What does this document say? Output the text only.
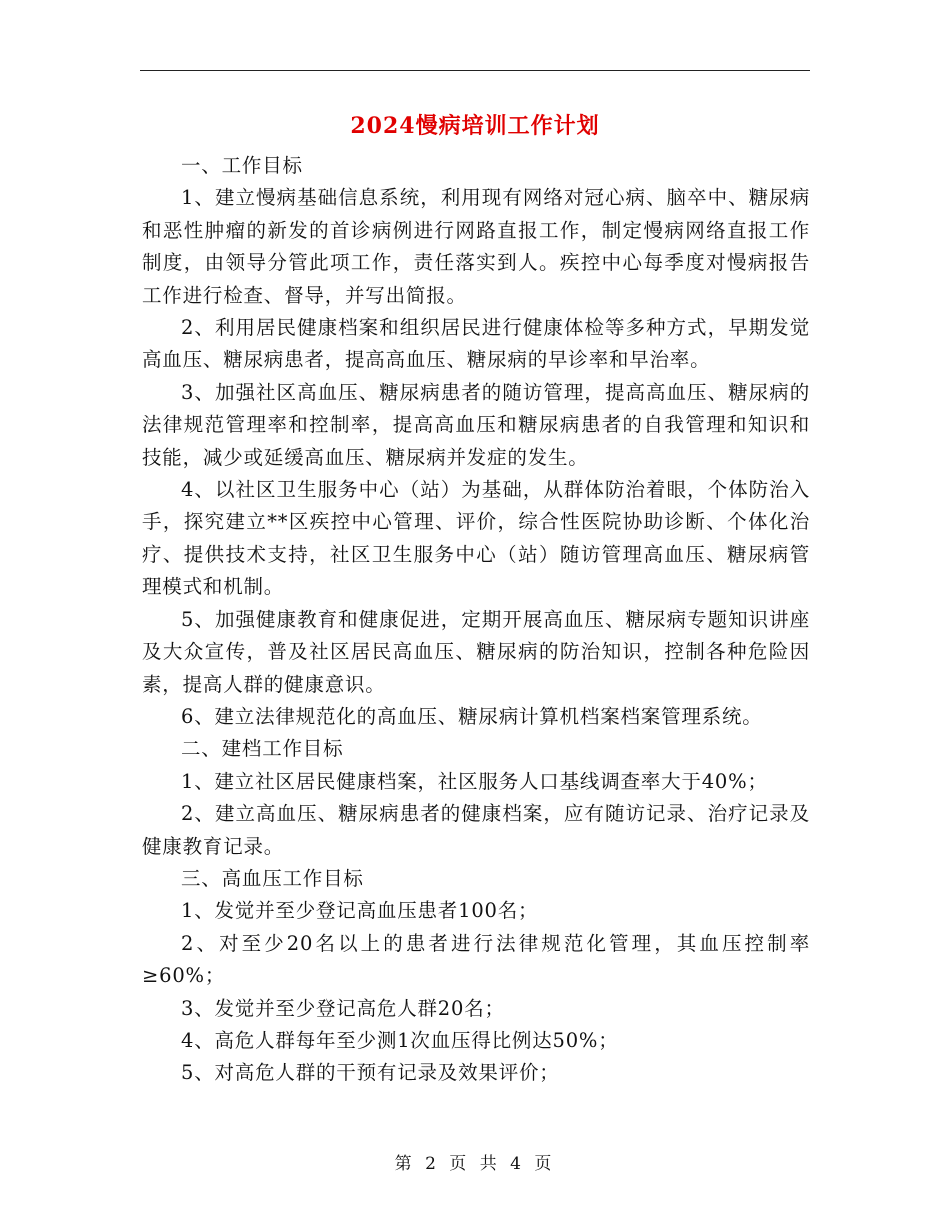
2024慢病培训工作计划

一、工作目标

1、建立慢病基础信息系统，利用现有网络对冠心病、脑卒中、糖尿病和恶性肿瘤的新发的首诊病例进行网路直报工作，制定慢病网络直报工作制度，由领导分管此项工作，责任落实到人。疾控中心每季度对慢病报告工作进行检查、督导，并写出简报。

2、利用居民健康档案和组织居民进行健康体检等多种方式，早期发觉高血压、糖尿病患者，提高高血压、糖尿病的早诊率和早治率。

3、加强社区高血压、糖尿病患者的随访管理，提高高血压、糖尿病的法律规范管理率和控制率，提高高血压和糖尿病患者的自我管理和知识和技能，减少或延缓高血压、糖尿病并发症的发生。

4、以社区卫生服务中心（站）为基础，从群体防治着眼，个体防治入手，探究建立**区疾控中心管理、评价，综合性医院协助诊断、个体化治疗、提供技术支持，社区卫生服务中心（站）随访管理高血压、糖尿病管理模式和机制。

5、加强健康教育和健康促进，定期开展高血压、糖尿病专题知识讲座及大众宣传，普及社区居民高血压、糖尿病的防治知识，控制各种危险因素，提高人群的健康意识。

6、建立法律规范化的高血压、糖尿病计算机档案档案管理系统。

二、建档工作目标

1、建立社区居民健康档案，社区服务人口基线调查率大于40%；

2、建立高血压、糖尿病患者的健康档案，应有随访记录、治疗记录及健康教育记录。

三、高血压工作目标

1、发觉并至少登记高血压患者100名；

2、对至少20名以上的患者进行法律规范化管理，其血压控制率≥60%；

3、发觉并至少登记高危人群20名；

4、高危人群每年至少测1次血压得比例达50%；

5、对高危人群的干预有记录及效果评价；

第 2 页 共 4 页
